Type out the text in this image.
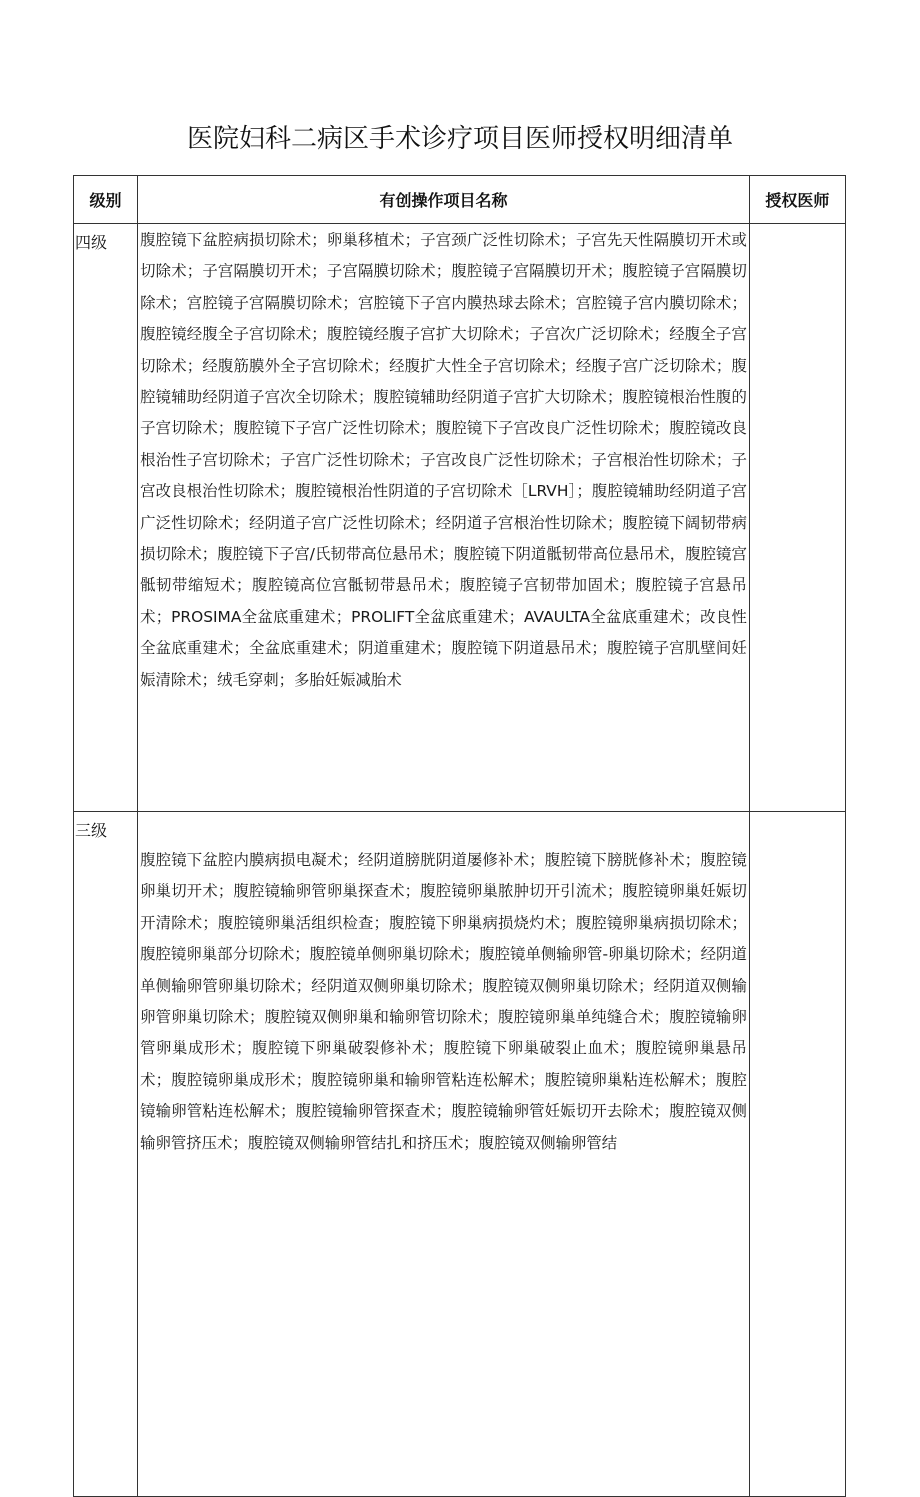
医院妇科二病区手术诊疗项目医师授权明细清单
级别	有创操作项目名称	授权医师
四级	腹腔镜下盆腔病损切除术；卵巢移植术；子宫颈广泛性切除术；子宫先天性隔膜切开术或切除术；子宫隔膜切开术；子宫隔膜切除术；腹腔镜子宫隔膜切开术；腹腔镜子宫隔膜切除术；宫腔镜子宫隔膜切除术；宫腔镜下子宫内膜热球去除术；宫腔镜子宫内膜切除术；腹腔镜经腹全子宫切除术；腹腔镜经腹子宫扩大切除术；子宫次广泛切除术；经腹全子宫切除术；经腹筋膜外全子宫切除术；经腹扩大性全子宫切除术；经腹子宫广泛切除术；腹腔镜辅助经阴道子宫次全切除术；腹腔镜辅助经阴道子宫扩大切除术；腹腔镜根治性腹的子宫切除术；腹腔镜下子宫广泛性切除术；腹腔镜下子宫改良广泛性切除术；腹腔镜改良根治性子宫切除术；子宫广泛性切除术；子宫改良广泛性切除术；子宫根治性切除术；子宫改良根治性切除术；腹腔镜根治性阴道的子宫切除术［LRVH］；腹腔镜辅助经阴道子宫广泛性切除术；经阴道子宫广泛性切除术；经阴道子宫根治性切除术；腹腔镜下阔韧带病损切除术；腹腔镜下子宫/氏韧带高位悬吊术；腹腔镜下阴道骶韧带高位悬吊术，腹腔镜宫骶韧带缩短术；腹腔镜高位宫骶韧带悬吊术；腹腔镜子宫韧带加固术；腹腔镜子宫悬吊术；PROSIMA全盆底重建术；PROLIFT全盆底重建术；AVAULTA全盆底重建术；改良性全盆底重建术；全盆底重建术；阴道重建术；腹腔镜下阴道悬吊术；腹腔镜子宫肌壁间妊娠清除术；绒毛穿刺；多胎妊娠减胎术	

三级	腹腔镜下盆腔内膜病损电凝术；经阴道膀胱阴道屡修补术；腹腔镜下膀胱修补术；腹腔镜卵巢切开术；腹腔镜输卵管卵巢探查术；腹腔镜卵巢脓肿切开引流术；腹腔镜卵巢妊娠切开清除术；腹腔镜卵巢活组织检查；腹腔镜下卵巢病损烧灼术；腹腔镜卵巢病损切除术；腹腔镜卵巢部分切除术；腹腔镜单侧卵巢切除术；腹腔镜单侧输卵管-卵巢切除术；经阴道单侧输卵管卵巢切除术；经阴道双侧卵巢切除术；腹腔镜双侧卵巢切除术；经阴道双侧输卵管卵巢切除术；腹腔镜双侧卵巢和输卵管切除术；腹腔镜卵巢单纯缝合术；腹腔镜输卵管卵巢成形术；腹腔镜下卵巢破裂修补术；腹腔镜下卵巢破裂止血术；腹腔镜卵巢悬吊术；腹腔镜卵巢成形术；腹腔镜卵巢和输卵管粘连松解术；腹腔镜卵巢粘连松解术；腹腔镜输卵管粘连松解术；腹腔镜输卵管探查术；腹腔镜输卵管妊娠切开去除术；腹腔镜双侧输卵管挤压术；腹腔镜双侧输卵管结扎和挤压术；腹腔镜双侧输卵管结	
